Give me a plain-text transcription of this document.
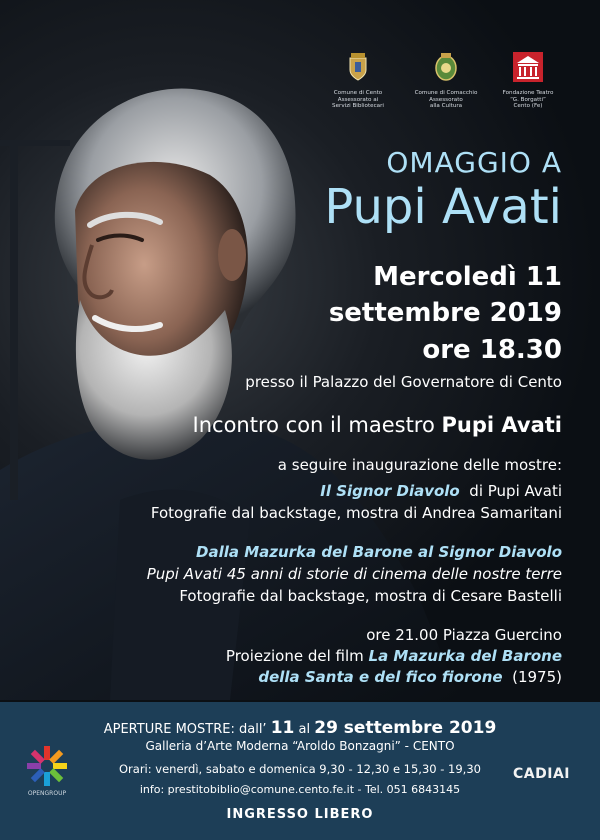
Comune di Cento
Assessorato ai
Servizi Bibliotecari
Comune di Comacchio
Assessorato
alla Cultura
Fondazione Teatro
“G. Borgatti”
Cento (Fe)
OMAGGIO A
Pupi Avati
Mercoledì 11
settembre 2019
ore 18.30
presso il Palazzo del Governatore di Cento
Incontro con il maestro Pupi Avati
a seguire inaugurazione delle mostre:
Il Signor Diavolo di Pupi Avati
Fotografie dal backstage, mostra di Andrea Samaritani
Dalla Mazurka del Barone al Signor Diavolo
Pupi Avati 45 anni di storie di cinema delle nostre terre
Fotografie dal backstage, mostra di Cesare Bastelli
ore 21.00 Piazza Guercino
Proiezione del film La Mazurka del Barone
della Santa e del fico fiorone (1975)
APERTURE MOSTRE: dall’ 11 al 29 settembre 2019
Galleria d’Arte Moderna “Aroldo Bonzagni” - CENTO
Orari: venerdì, sabato e domenica 9,30 - 12,30 e 15,30 - 19,30
info: prestitobiblio@comune.cento.fe.it - Tel. 051 6843145
INGRESSO LIBERO
OPENGROUP
CADIAI
